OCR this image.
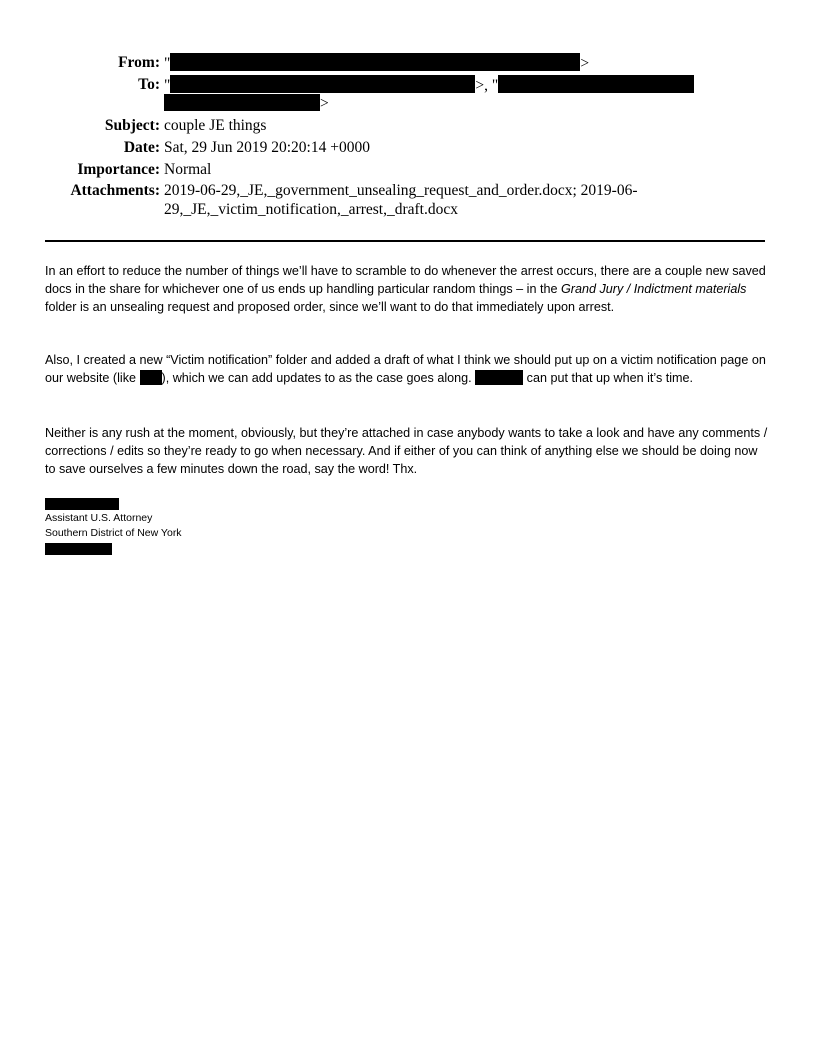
From: "	>
To: "	>, "
>
Subject: couple JE things
Date: Sat, 29 Jun 2019 20:20:14 +0000
Importance: Normal
Attachments: 2019-06-29,_JE,_government_unsealing_request_and_order.docx; 2019-06-
29,_JE,_victim_notification,_arrest,_draft.docx

In an effort to reduce the number of things we’ll have to scramble to do whenever the arrest occurs, there are a couple new saved docs in the share for whichever one of us ends up handling particular random things – in the Grand Jury / Indictment materials folder is an unsealing request and proposed order, since we’ll want to do that immediately upon arrest.

Also, I created a new “Victim notification” folder and added a draft of what I think we should put up on a victim notification page on our website (like ), which we can add updates to as the case goes along.	can put that up when it’s time.

Neither is any rush at the moment, obviously, but they’re attached in case anybody wants to take a look and have any comments / corrections / edits so they’re ready to go when necessary. And if either of you can think of anything else we should be doing now to save ourselves a few minutes down the road, say the word! Thx.

Assistant U.S. Attorney
Southern District of New York
